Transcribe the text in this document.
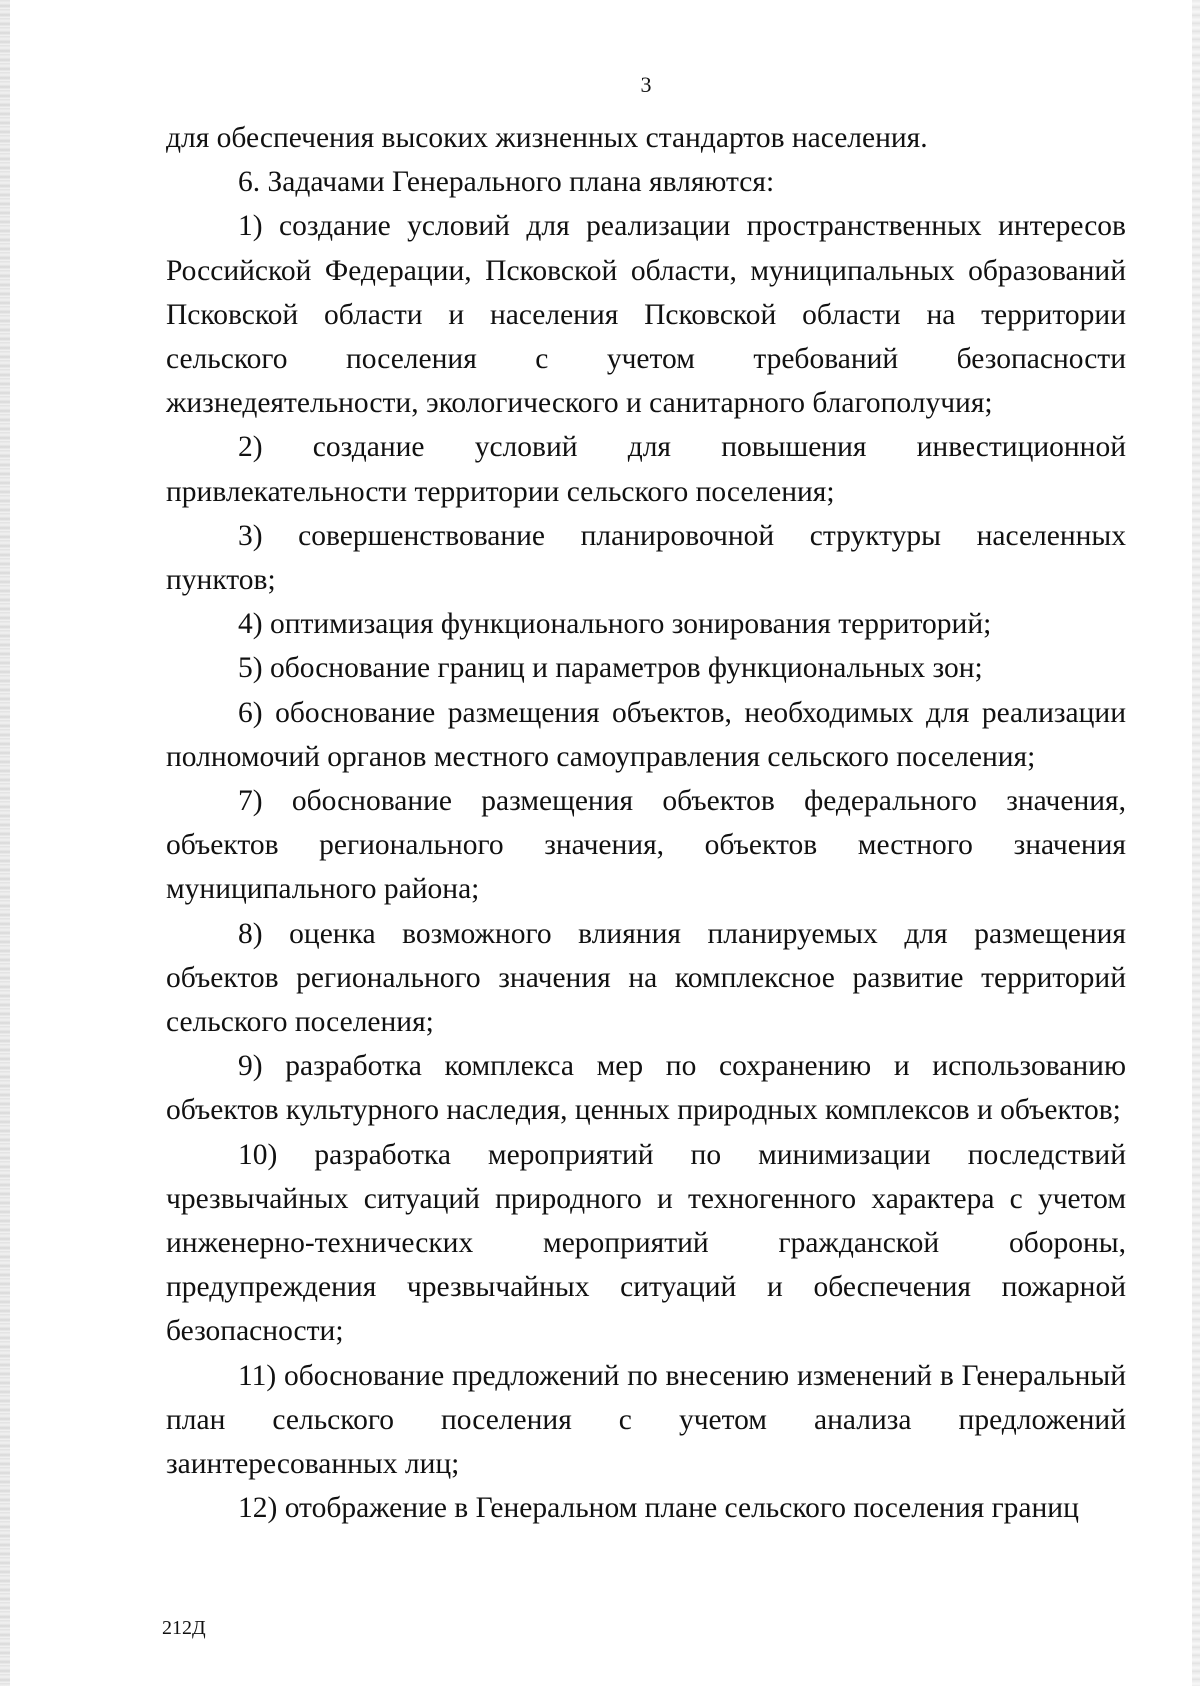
3

для обеспечения высоких жизненных стандартов населения.

6. Задачами Генерального плана являются:

1) создание условий для реализации пространственных интересов Российской Федерации, Псковской области, муниципальных образований Псковской области и населения Псковской области на территории сельского поселения с учетом требований безопасности жизнедеятельности, экологического и санитарного благополучия;

2) создание условий для повышения инвестиционной привлекательности территории сельского поселения;

3) совершенствование планировочной структуры населенных пунктов;

4) оптимизация функционального зонирования территорий;

5) обоснование границ и параметров функциональных зон;

6) обоснование размещения объектов, необходимых для реализации полномочий органов местного самоуправления сельского поселения;

7) обоснование размещения объектов федерального значения, объектов регионального значения, объектов местного значения муниципального района;

8) оценка возможного влияния планируемых для размещения объектов регионального значения на комплексное развитие территорий сельского поселения;

9) разработка комплекса мер по сохранению и использованию объектов культурного наследия, ценных природных комплексов и объектов;

10) разработка мероприятий по минимизации последствий чрезвычайных ситуаций природного и техногенного характера с учетом инженерно-технических мероприятий гражданской обороны, предупреждения чрезвычайных ситуаций и обеспечения пожарной безопасности;

11) обоснование предложений по внесению изменений в Генеральный план сельского поселения с учетом анализа предложений заинтересованных лиц;

12) отображение в Генеральном плане сельского поселения границ

212Д
